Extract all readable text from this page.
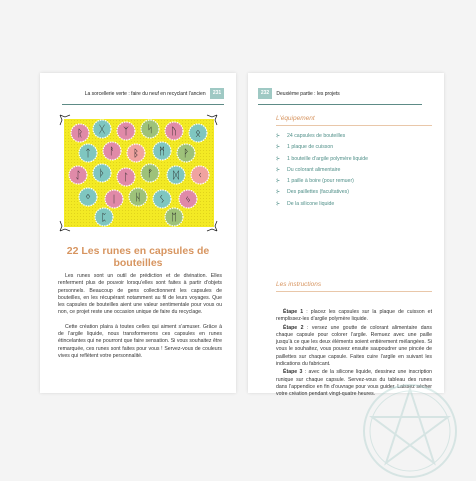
La sorcellerie verte : faire du neuf en recyclant l’ancien 231
ᚱ ᚷ ᛉ ᛋ ᚢ ᛟ
ᛏ ᚨ ᛒ ᛗ ᚹ
ᛇ ᚦ ᛚ ᚠ ᛞ ᚲ
ᛜ ᛁ ᚺ ᛊ ᛃ
ᛈ	ᛖ
22 Les runes en capsules de bouteilles

Les runes sont un outil de prédiction et de divination. Elles renferment plus de pouvoir lorsqu’elles sont faites à partir d’objets personnels. Beaucoup de gens collectionnent les capsules de bouteilles, en les récupérant notamment au fil de leurs voyages. Que les capsules de bouteilles aient une valeur sentimentale pour vous ou non, ce projet reste une occasion unique de faire du recyclage.

Cette création plaira à toutes celles qui aiment s’amuser. Grâce à de l’argile liquide, nous transformerons ces capsules en runes étincelantes qui ne pourront que faire sensation. Si vous souhaitez être remarquée, ces runes sont faites pour vous ! Servez-vous de couleurs vives qui reflètent votre personnalité.

232 Deuxième partie : les projets
L’équipement
⊱ 24 capsules de bouteilles
⊱ 1 plaque de cuisson
⊱ 1 bouteille d’argile polymère liquide
⊱ Du colorant alimentaire
⊱ 1 paille à boire (pour remuer)
⊱ Des paillettes (facultatives)
⊱ De la silicone liquide
Les instructions

Étape 1 : placez les capsules sur la plaque de cuisson et remplissez-les d’argile polymère liquide.

Étape 2 : versez une goutte de colorant alimentaire dans chaque capsule pour colorer l’argile. Remuez avec une paille jusqu’à ce que les deux éléments soient entièrement mélangées. Si vous le souhaitez, vous pouvez ensuite saupoudrer une pincée de paillettes sur chaque capsule. Faites cuire l’argile en suivant les indications du fabricant.

Étape 3 : avec de la silicone liquide, dessinez une inscription runique sur chaque capsule. Servez-vous du tableau des runes dans l’appendice en fin d’ouvrage pour vous guider. Laissez sécher votre création pendant vingt-quatre heures.
